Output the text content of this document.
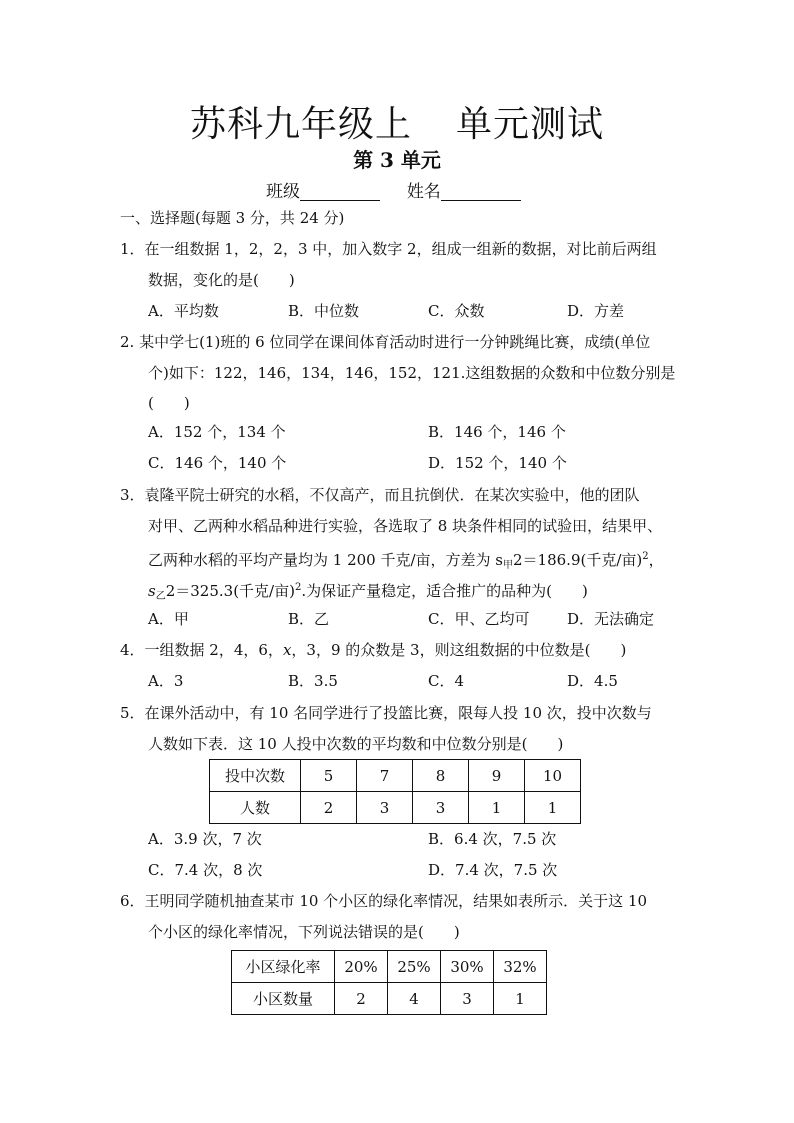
苏科九年级上 单元测试
第 3 单元
班级	姓名
一、选择题(每题 3 分，共 24 分)
1．在一组数据 1，2，2，3 中，加入数字 2，组成一组新的数据，对比前后两组
数据，变化的是(　　)
A．平均数	B．中位数	C．众数	D．方差
2. 某中学七(1)班的 6 位同学在课间体育活动时进行一分钟跳绳比赛，成绩(单位
个)如下：122，146，134，146，152，121.这组数据的众数和中位数分别是
(　　)
A．152 个，134 个	B．146 个，146 个
C．146 个，140 个	D．152 个，140 个
3．袁隆平院士研究的水稻，不仅高产，而且抗倒伏．在某次实验中，他的团队
对甲、乙两种水稻品种进行实验，各选取了 8 块条件相同的试验田，结果甲、
乙两种水稻的平均产量均为 1 200 千克/亩，方差为 $s_甲2=186.9$(千克/亩)$^2$，
$s_乙2=325.3$(千克/亩)$^2$.为保证产量稳定，适合推广的品种为(　　)
A．甲	B．乙	C．甲、乙均可	D．无法确定
4．一组数据 2，4，6，x，3，9 的众数是 3，则这组数据的中位数是(　　)
A．3	B．3.5	C．4	D．4.5
5．在课外活动中，有 10 名同学进行了投篮比赛，限每人投 10 次，投中次数与
人数如下表．这 10 人投中次数的平均数和中位数分别是(　　)
投中次数	5	7	8	9	10
人数	2	3	3	1	1
A．3.9 次，7 次	B．6.4 次，7.5 次
C．7.4 次，8 次	D．7.4 次，7.5 次
6．王明同学随机抽查某市 10 个小区的绿化率情况，结果如表所示．关于这 10
个小区的绿化率情况，下列说法错误的是(　　)
小区绿化率	20%	25%	30%	32%
小区数量	2	4	3	1
